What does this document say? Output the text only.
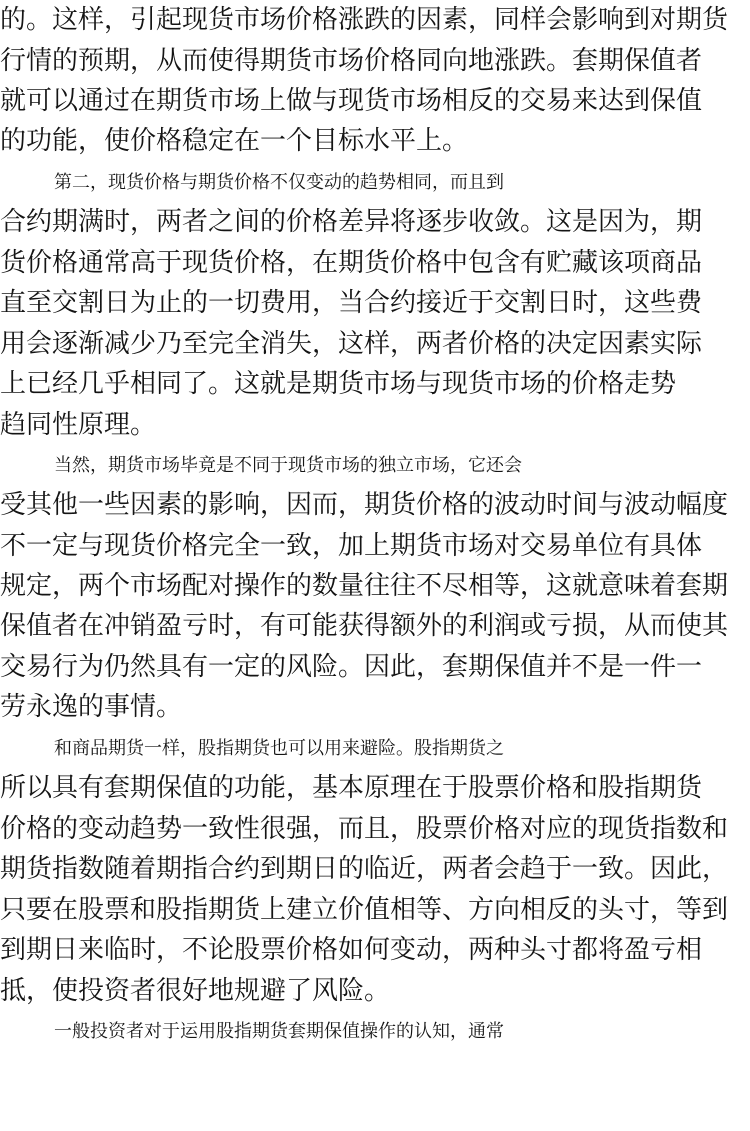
的。这样，引起现货市场价格涨跌的因素，同样会影响到对期货
行情的预期，从而使得期货市场价格同向地涨跌。套期保值者
就可以通过在期货市场上做与现货市场相反的交易来达到保值
的功能，使价格稳定在一个目标水平上。
第二，现货价格与期货价格不仅变动的趋势相同，而且到
合约期满时，两者之间的价格差异将逐步收敛。这是因为，期
货价格通常高于现货价格，在期货价格中包含有贮藏该项商品
直至交割日为止的一切费用，当合约接近于交割日时，这些费
用会逐渐减少乃至完全消失，这样，两者价格的决定因素实际
上已经几乎相同了。这就是期货市场与现货市场的价格走势
趋同性原理。
当然，期货市场毕竟是不同于现货市场的独立市场，它还会
受其他一些因素的影响，因而，期货价格的波动时间与波动幅度
不一定与现货价格完全一致，加上期货市场对交易单位有具体
规定，两个市场配对操作的数量往往不尽相等，这就意味着套期
保值者在冲销盈亏时，有可能获得额外的利润或亏损，从而使其
交易行为仍然具有一定的风险。因此，套期保值并不是一件一
劳永逸的事情。
和商品期货一样，股指期货也可以用来避险。股指期货之
所以具有套期保值的功能，基本原理在于股票价格和股指期货
价格的变动趋势一致性很强，而且，股票价格对应的现货指数和
期货指数随着期指合约到期日的临近，两者会趋于一致。因此，
只要在股票和股指期货上建立价值相等、方向相反的头寸，等到
到期日来临时，不论股票价格如何变动，两种头寸都将盈亏相
抵，使投资者很好地规避了风险。
一般投资者对于运用股指期货套期保值操作的认知，通常
